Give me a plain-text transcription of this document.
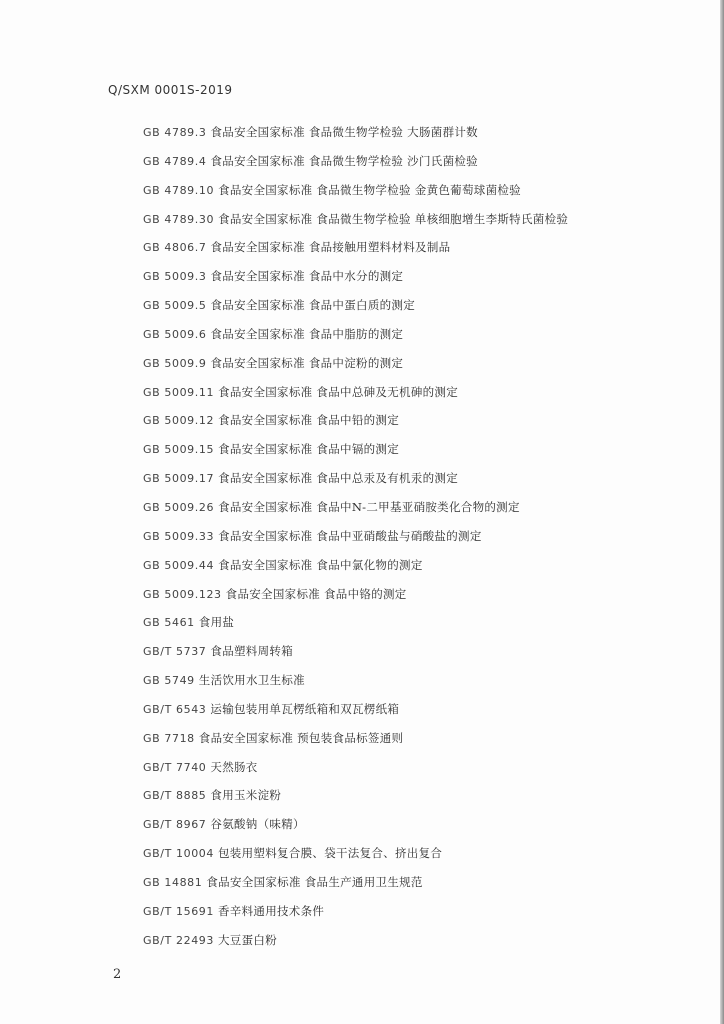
Q/SXM 0001S-2019
GB 4789.3 食品安全国家标准 食品微生物学检验 大肠菌群计数
GB 4789.4 食品安全国家标准 食品微生物学检验 沙门氏菌检验
GB 4789.10 食品安全国家标准 食品微生物学检验 金黄色葡萄球菌检验
GB 4789.30 食品安全国家标准 食品微生物学检验 单核细胞增生李斯特氏菌检验
GB 4806.7 食品安全国家标准 食品接触用塑料材料及制品
GB 5009.3 食品安全国家标准 食品中水分的测定
GB 5009.5 食品安全国家标准 食品中蛋白质的测定
GB 5009.6 食品安全国家标准 食品中脂肪的测定
GB 5009.9 食品安全国家标准 食品中淀粉的测定
GB 5009.11 食品安全国家标准 食品中总砷及无机砷的测定
GB 5009.12 食品安全国家标准 食品中铅的测定
GB 5009.15 食品安全国家标准 食品中镉的测定
GB 5009.17 食品安全国家标准 食品中总汞及有机汞的测定
GB 5009.26 食品安全国家标准 食品中N-二甲基亚硝胺类化合物的测定
GB 5009.33 食品安全国家标准 食品中亚硝酸盐与硝酸盐的测定
GB 5009.44 食品安全国家标准 食品中氯化物的测定
GB 5009.123 食品安全国家标准 食品中铬的测定
GB 5461 食用盐
GB/T 5737 食品塑料周转箱
GB 5749 生活饮用水卫生标准
GB/T 6543 运输包装用单瓦楞纸箱和双瓦楞纸箱
GB 7718 食品安全国家标准 预包装食品标签通则
GB/T 7740 天然肠衣
GB/T 8885 食用玉米淀粉
GB/T 8967 谷氨酸钠（味精）
GB/T 10004 包装用塑料复合膜、袋干法复合、挤出复合
GB 14881 食品安全国家标准 食品生产通用卫生规范
GB/T 15691 香辛料通用技术条件
GB/T 22493 大豆蛋白粉
2
